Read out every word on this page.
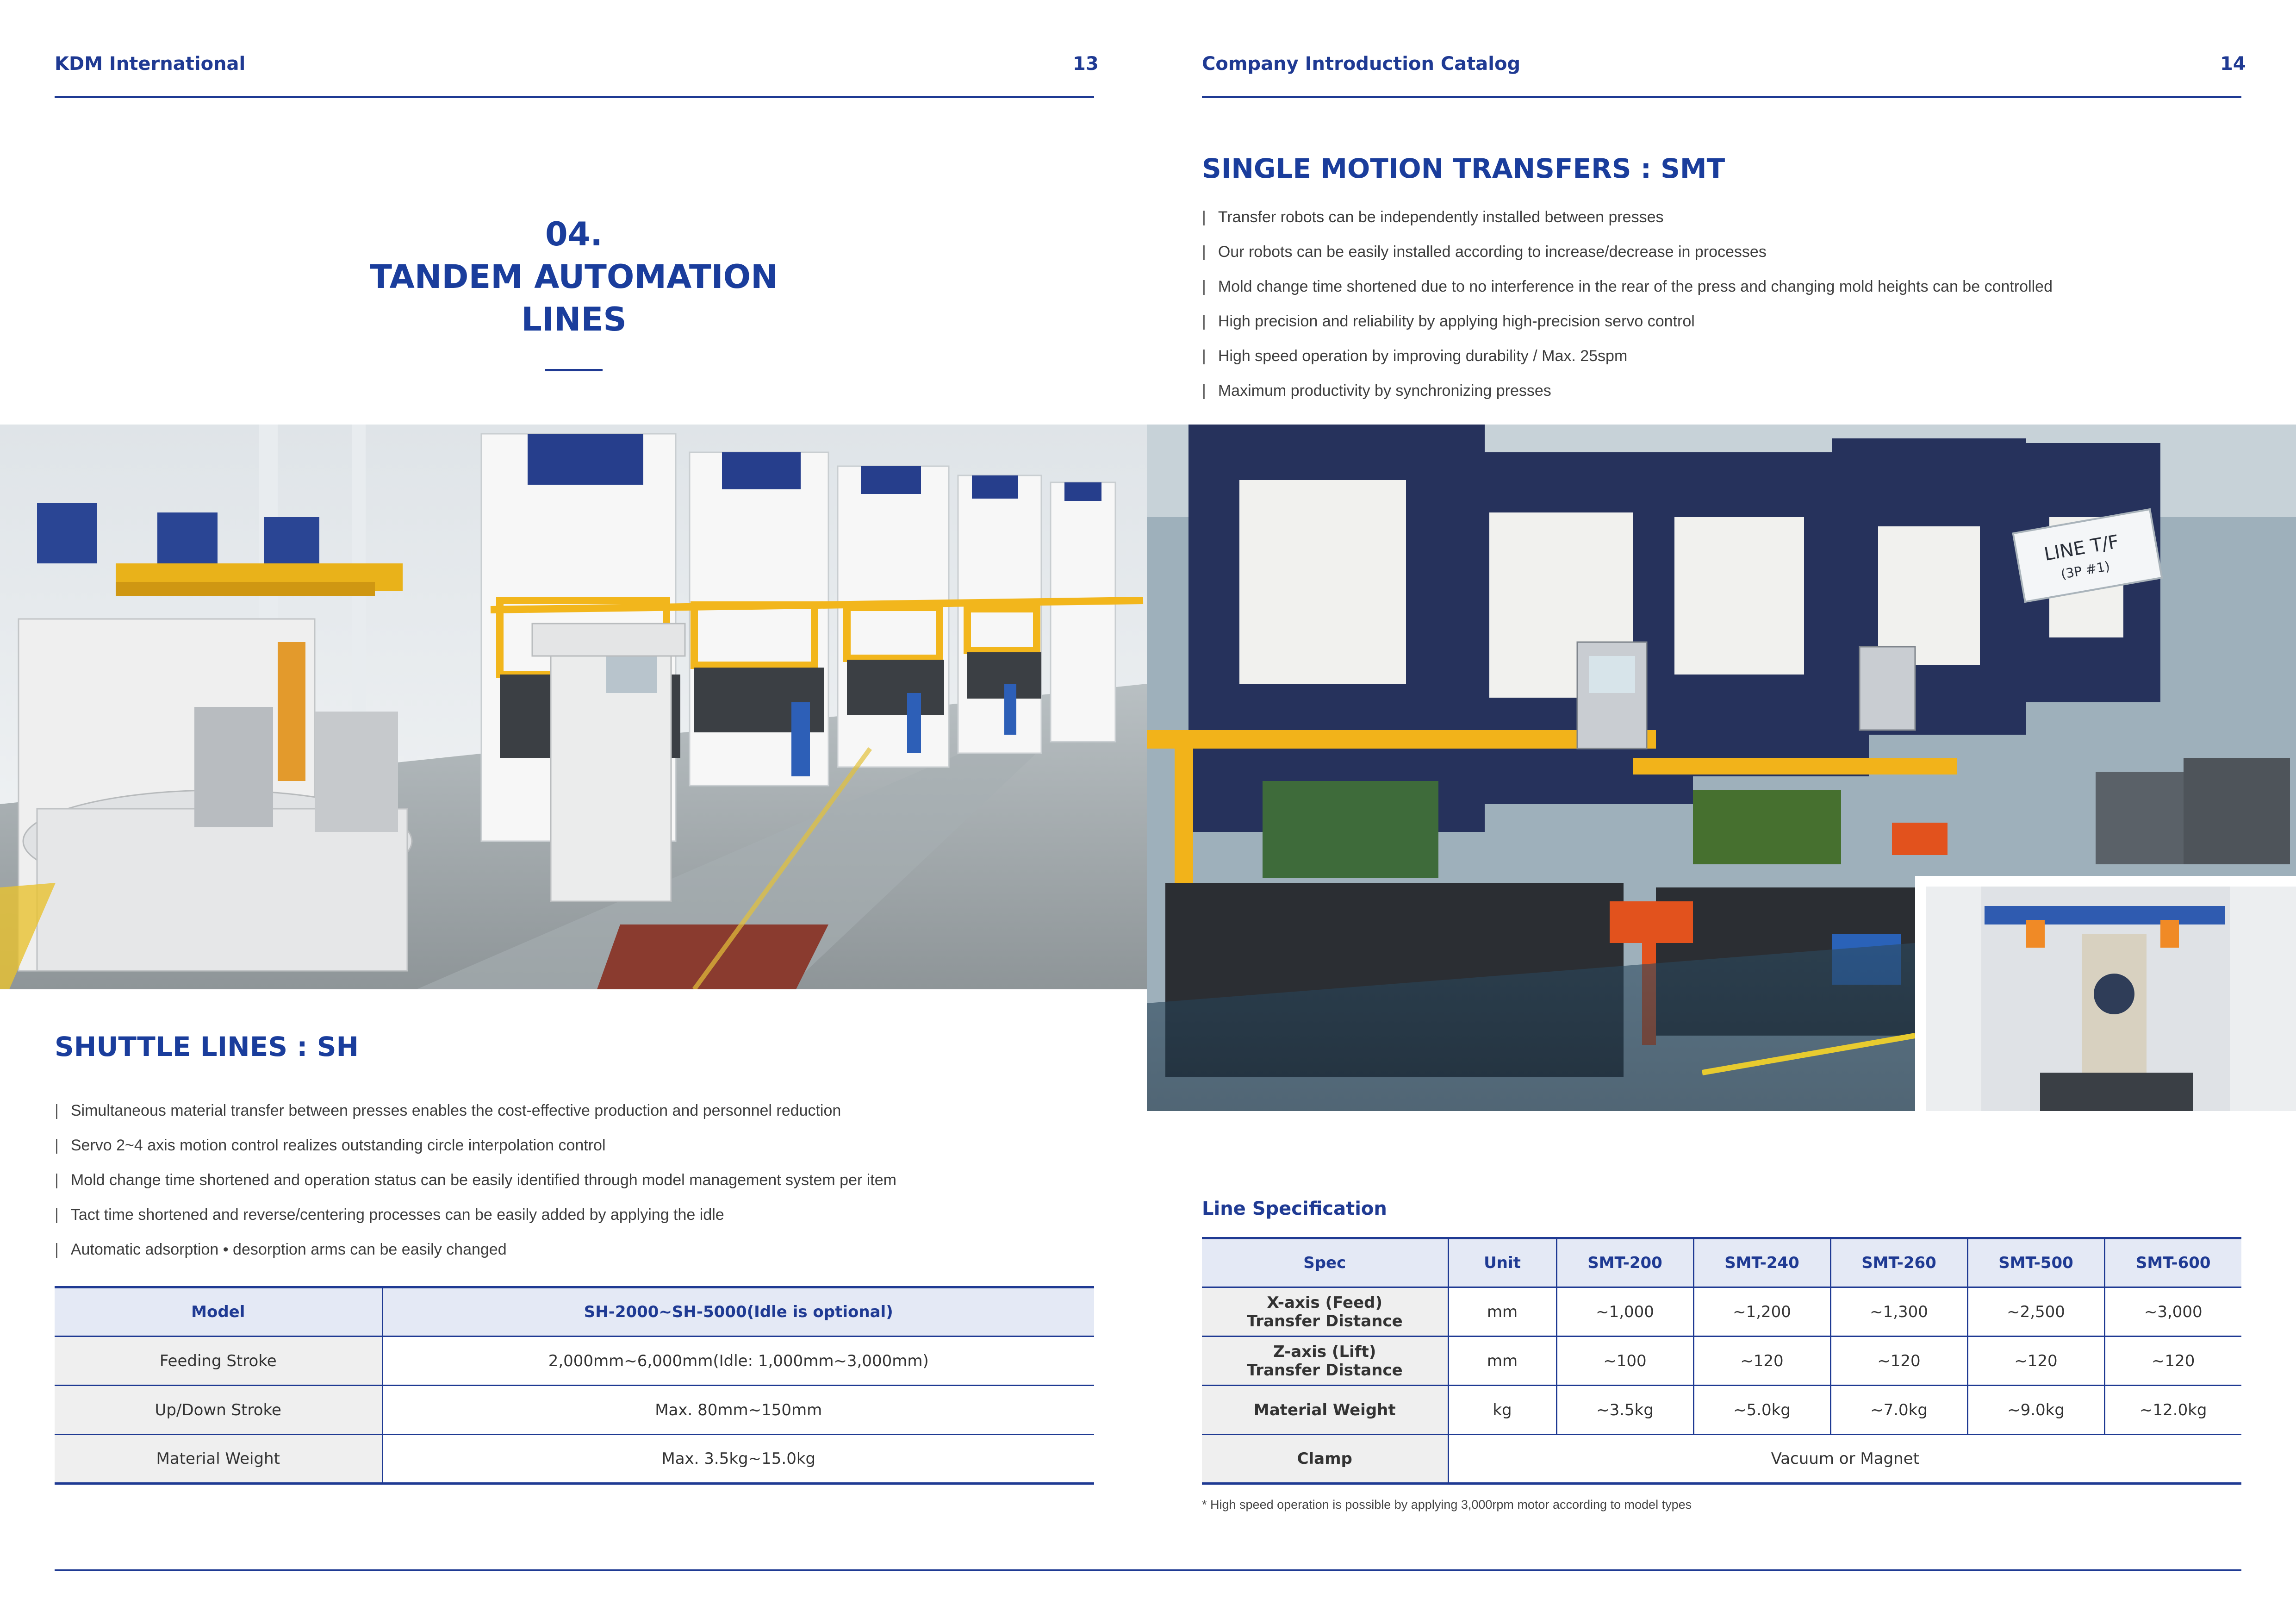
KDM International	13	Company Introduction Catalog	14
04.
TANDEM AUTOMATION
LINES
SHUTTLE LINES : SH
| Simultaneous material transfer between presses enables the cost-effective production and personnel reduction
| Servo 2~4 axis motion control realizes outstanding circle interpolation control
| Mold change time shortened and operation status can be easily identified through model management system per item
| Tact time shortened and reverse/centering processes can be easily added by applying the idle
| Automatic adsorption • desorption arms can be easily changed
Model	SH-2000~SH-5000(Idle is optional)
Feeding Stroke	2,000mm~6,000mm(Idle: 1,000mm~3,000mm)
Up/Down Stroke	Max. 80mm~150mm
Material Weight	Max. 3.5kg~15.0kg
SINGLE MOTION TRANSFERS : SMT
| Transfer robots can be independently installed between presses
| Our robots can be easily installed according to increase/decrease in processes
| Mold change time shortened due to no interference in the rear of the press and changing mold heights can be controlled
| High precision and reliability by applying high-precision servo control
| High speed operation by improving durability / Max. 25spm
| Maximum productivity by synchronizing presses
LINE T/F
(3P #1)
Line Specification
Spec	Unit	SMT-200	SMT-240	SMT-260	SMT-500	SMT-600

X-axis (Feed)
Transfer Distance	mm	~1,000	~1,200	~1,300	~2,500	~3,000

Z-axis (Lift)
Transfer Distance	mm	~100	~120	~120	~120	~120
Material Weight	kg	~3.5kg	~5.0kg	~7.0kg	~9.0kg	~12.0kg
Clamp	Vacuum or Magnet					
* High speed operation is possible by applying 3,000rpm motor according to model types
